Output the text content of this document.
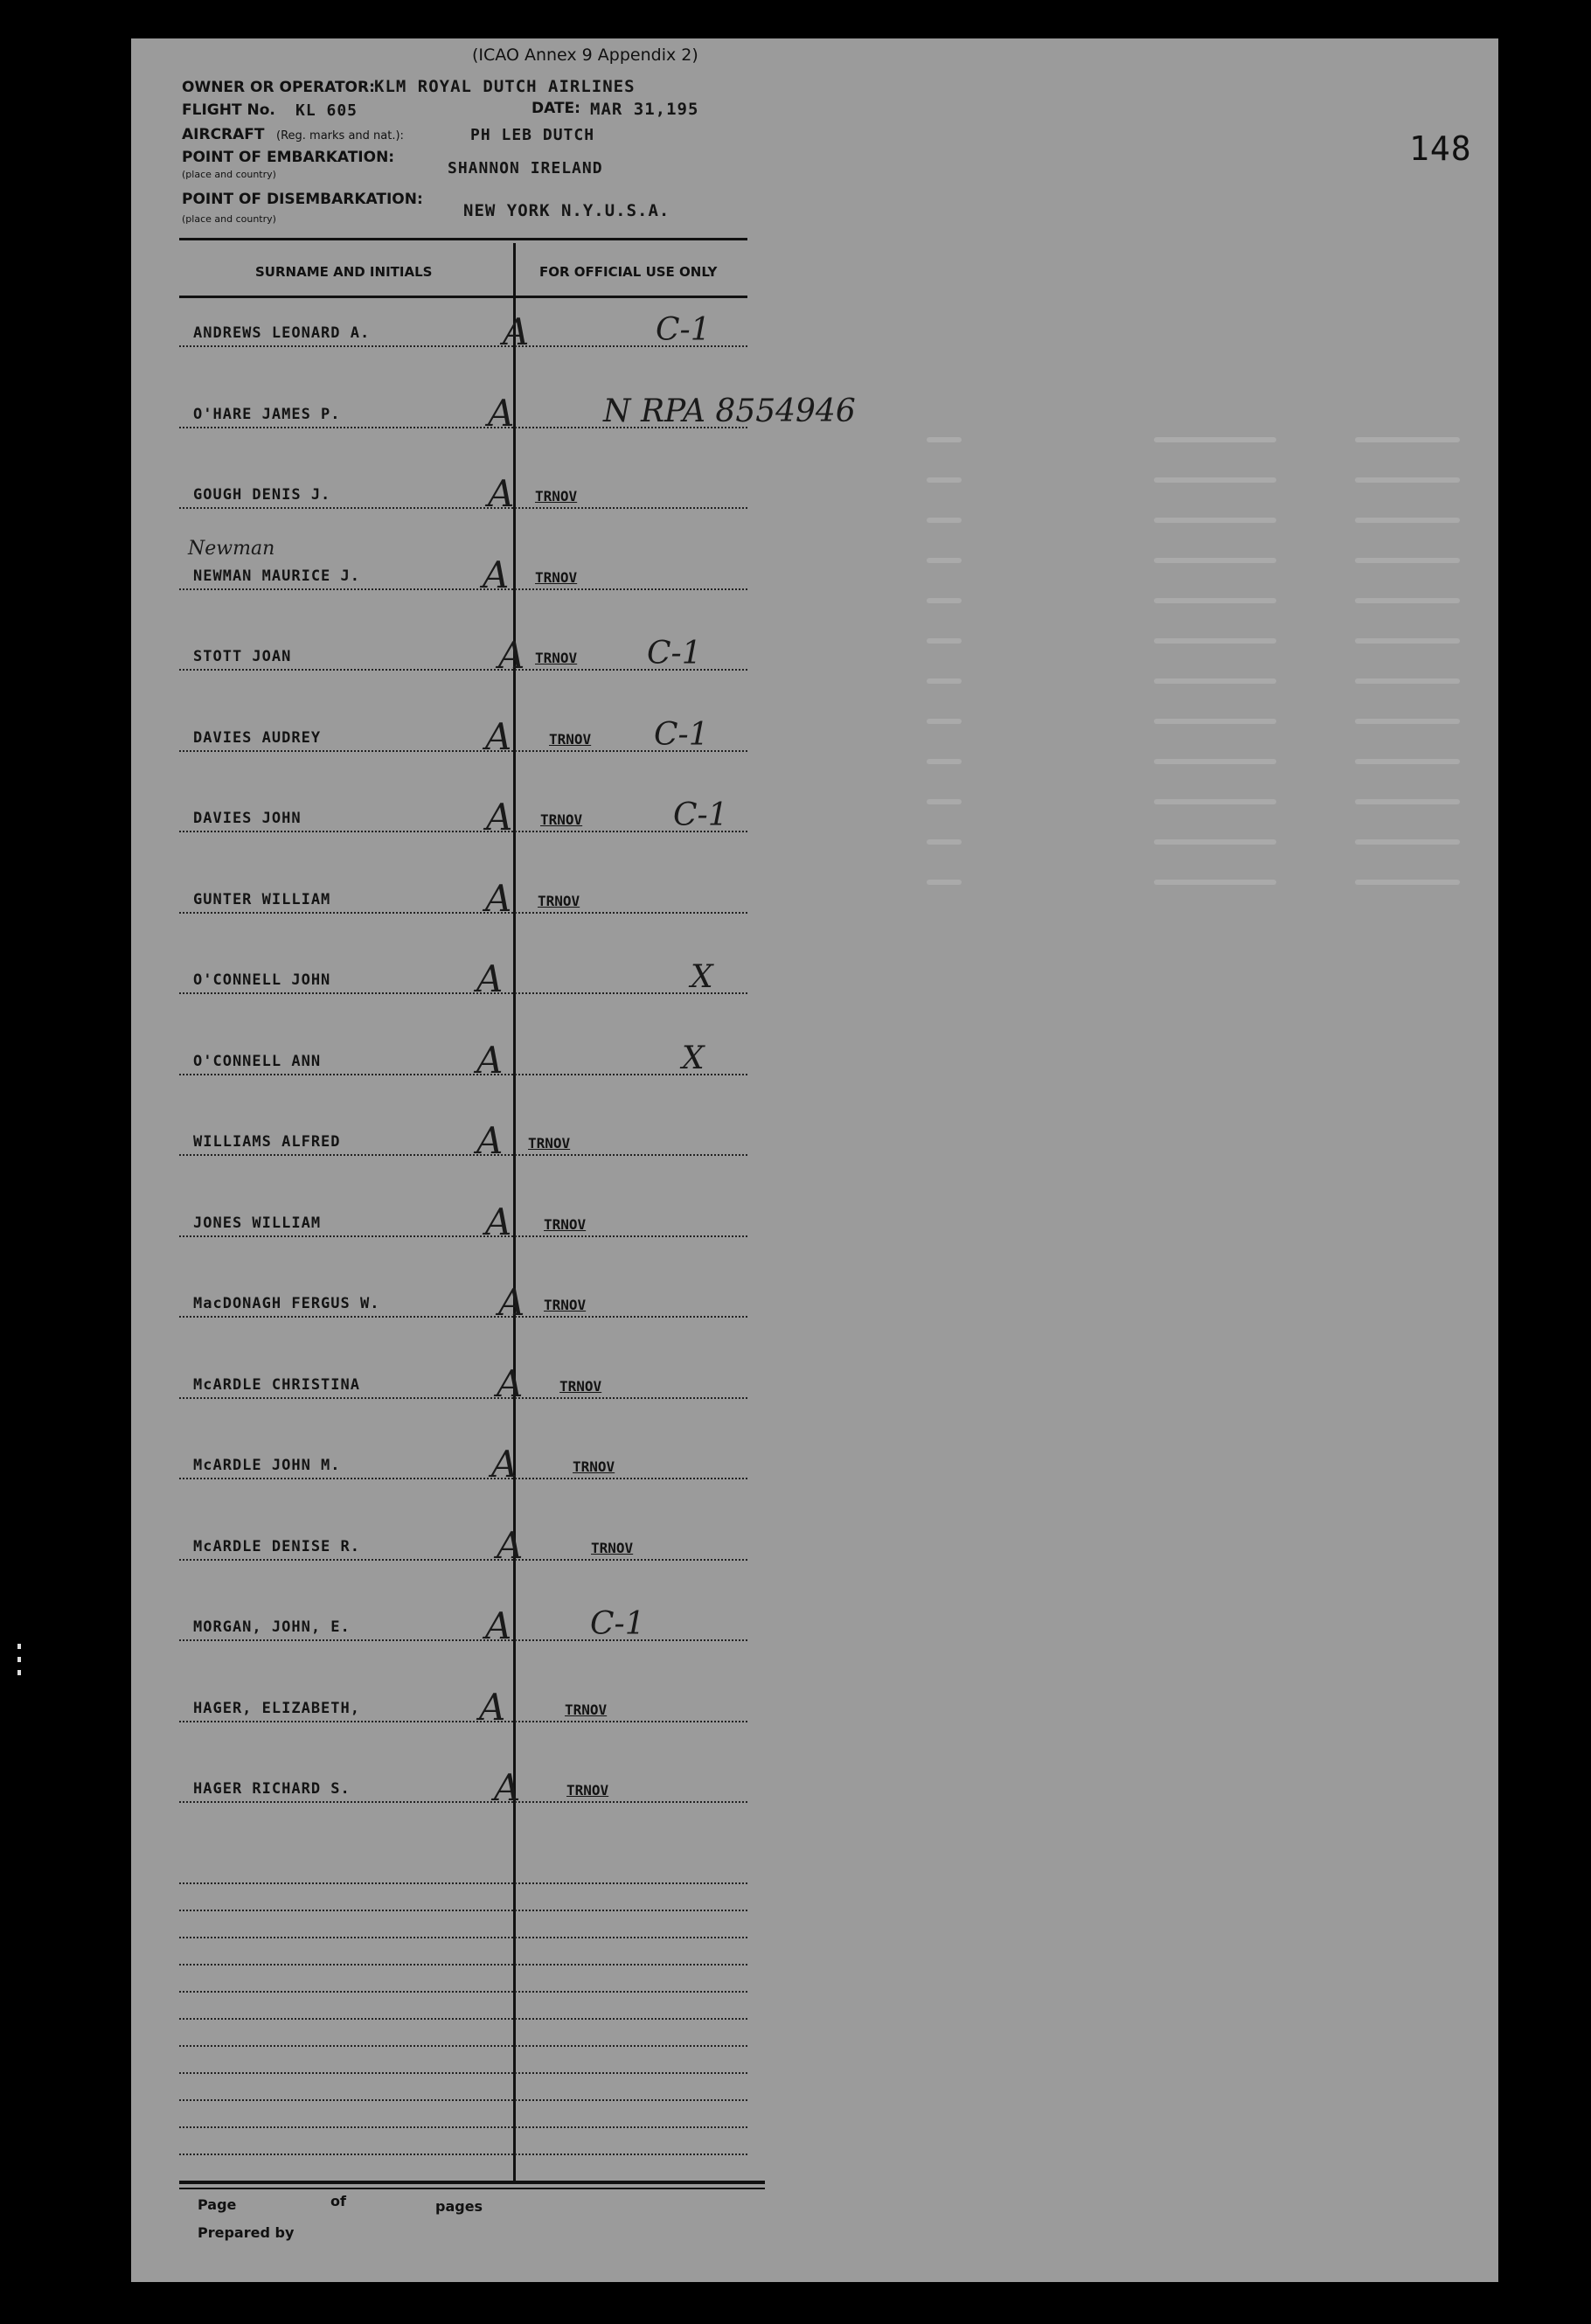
148
(ICAO Annex 9 Appendix 2)
OWNER OR OPERATOR: KLM ROYAL DUTCH AIRLINES
FLIGHT No. KL 605	DATE: MAR 31,195
AIRCRAFT (Reg. marks and nat.):	PH LEB DUTCH
POINT OF EMBARKATION:
(place and country)	SHANNON IRELAND
POINT OF DISEMBARKATION:
(place and country)	NEW YORK N.Y.U.S.A.
SURNAME AND INITIALS	FOR OFFICIAL USE ONLY
ANDREWS LEONARD A.	A	C-1
O'HARE JAMES P.	A	N RPA 8554946
GOUGH DENIS J.	A TRNOV
NEWMAN MAURICE J.	A TRNOV
Newman
STOTT JOAN	A TRNOV C-1
DAVIES AUDREY	A	TRNOV C-1
DAVIES JOHN	A TRNOV	C-1
GUNTER WILLIAM	A TRNOV
O'CONNELL JOHN	A	X
O'CONNELL ANN	A	X
WILLIAMS ALFRED	A TRNOV
JONES WILLIAM	A TRNOV
MacDONAGH FERGUS W.	A TRNOV
McARDLE CHRISTINA	A	TRNOV
McARDLE JOHN M.	A	TRNOV
McARDLE DENISE R.	A	TRNOV
MORGAN, JOHN, E.	A C-1
HAGER, ELIZABETH,	A	TRNOV
HAGER RICHARD S.	A	TRNOV
Page	of	pages
Prepared by
